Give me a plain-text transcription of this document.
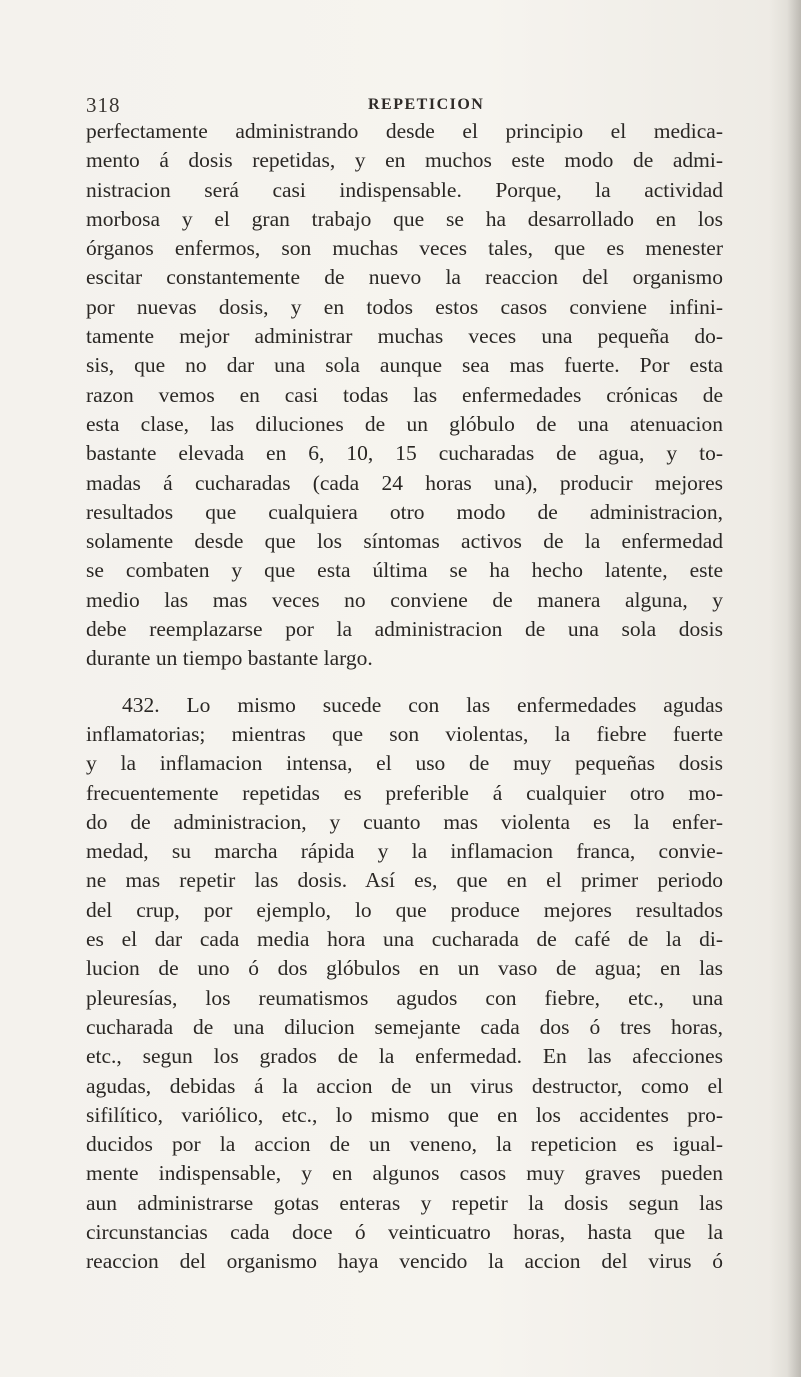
318	REPETICION
perfectamente administrando desde el principio el medica-
mento á dosis repetidas, y en muchos este modo de admi-
nistracion será casi indispensable. Porque, la actividad
morbosa y el gran trabajo que se ha desarrollado en los
órganos enfermos, son muchas veces tales, que es menester
escitar constantemente de nuevo la reaccion del organismo
por nuevas dosis, y en todos estos casos conviene infini-
tamente mejor administrar muchas veces una pequeña do-
sis, que no dar una sola aunque sea mas fuerte. Por esta
razon vemos en casi todas las enfermedades crónicas de
esta clase, las diluciones de un glóbulo de una atenuacion
bastante elevada en 6, 10, 15 cucharadas de agua, y to-
madas á cucharadas (cada 24 horas una), producir mejores
resultados que cualquiera otro modo de administracion,
solamente desde que los síntomas activos de la enfermedad
se combaten y que esta última se ha hecho latente, este
medio las mas veces no conviene de manera alguna, y
debe reemplazarse por la administracion de una sola dosis
durante un tiempo bastante largo.
432. Lo mismo sucede con las enfermedades agudas
inflamatorias; mientras que son violentas, la fiebre fuerte
y la inflamacion intensa, el uso de muy pequeñas dosis
frecuentemente repetidas es preferible á cualquier otro mo-
do de administracion, y cuanto mas violenta es la enfer-
medad, su marcha rápida y la inflamacion franca, convie-
ne mas repetir las dosis. Así es, que en el primer periodo
del crup, por ejemplo, lo que produce mejores resultados
es el dar cada media hora una cucharada de café de la di-
lucion de uno ó dos glóbulos en un vaso de agua; en las
pleuresías, los reumatismos agudos con fiebre, etc., una
cucharada de una dilucion semejante cada dos ó tres horas,
etc., segun los grados de la enfermedad. En las afecciones
agudas, debidas á la accion de un virus destructor, como el
sifilítico, variólico, etc., lo mismo que en los accidentes pro-
ducidos por la accion de un veneno, la repeticion es igual-
mente indispensable, y en algunos casos muy graves pueden
aun administrarse gotas enteras y repetir la dosis segun las
circunstancias cada doce ó veinticuatro horas, hasta que la
reaccion del organismo haya vencido la accion del virus ó
